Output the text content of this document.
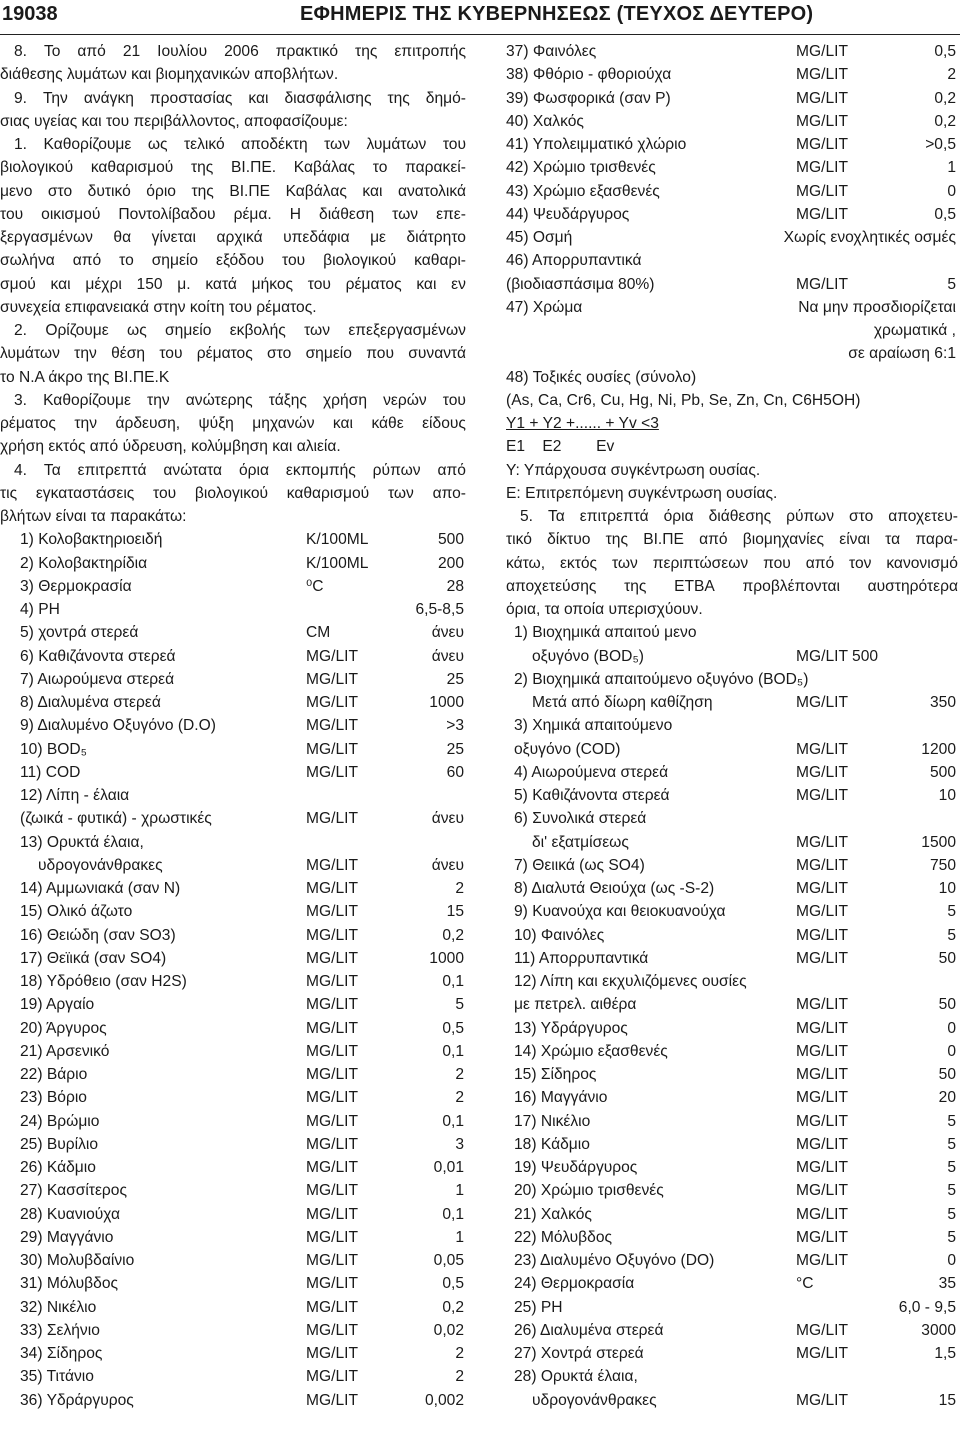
19038	ΕΦΗΜΕΡΙΣ ΤΗΣ ΚΥΒΕΡΝΗΣΕΩΣ (ΤΕΥΧΟΣ ΔΕΥΤΕΡΟ)
8. Το από 21 Ιουλίου 2006 πρακτικό της επιτροπής
διάθεσης λυμάτων και βιομηχανικών αποβλήτων.
9. Την ανάγκη προστασίας και διασφάλισης της δημό-
σιας υγείας και του περιβάλλοντος, αποφασίζουμε:
1. Καθορίζουμε ως τελικό αποδέκτη των λυμάτων του
βιολογικού καθαρισμού της ΒΙ.ΠΕ. Καβάλας το παρακεί-
μενο στο δυτικό όριο της ΒΙ.ΠΕ Καβάλας και ανατολικά
του οικισμού Ποντολίβαδου ρέμα. Η διάθεση των επε-
ξεργασμένων θα γίνεται αρχικά υπεδάφια με διάτρητο
σωλήνα από το σημείο εξόδου του βιολογικού καθαρι-
σμού και μέχρι 150 μ. κατά μήκος του ρέματος και εν
συνεχεία επιφανειακά στην κοίτη του ρέματος.
2. Ορίζουμε ως σημείο εκβολής των επεξεργασμένων
λυμάτων την θέση του ρέματος στο σημείο που συναντά
το Ν.Α άκρο της ΒΙ.ΠΕ.Κ
3. Καθορίζουμε την ανώτερης τάξης χρήση νερών του
ρέματος την άρδευση, ψύξη μηχανών και κάθε είδους
χρήση εκτός από ύδρευση, κολύμβηση και αλιεία.
4. Τα επιτρεπτά ανώτατα όρια εκπομπής ρύπων από
τις εγκαταστάσεις του βιολογικού καθαρισμού των απο-
βλήτων είναι τα παρακάτω:
1) Κολοβακτηριοειδή	K/100ML	500
2) Κολοβακτηρίδια	K/100ML	200
3) Θερμοκρασία	⁰C	28
4) PH	6,5-8,5
5) χοντρά στερεά	CM	άνευ
6) Καθιζάνοντα στερεά	MG/LIT	άνευ
7) Αιωρούμενα στερεά	MG/LIT	25
8) Διαλυμένα στερεά	MG/LIT	1000
9) Διαλυμένο Οξυγόνο (D.O)	MG/LIT	>3
10) BOD₅	MG/LIT	25
11) COD	MG/LIT	60
12) Λίπη - έλαια
(ζωικά - φυτικά) - χρωστικές	MG/LIT	άνευ
13) Ορυκτά έλαια,
υδρογονάνθρακες	MG/LIT	άνευ
14) Αμμωνιακά (σαν Ν)	MG/LIT	2
15) Ολικό άζωτο	MG/LIT	15
16) Θειώδη (σαν SO3)	MG/LIT	0,2
17) Θεϊικά (σαν SO4)	MG/LIT	1000
18) Υδρόθειο (σαν H2S)	MG/LIT	0,1
19) Αργαίο	MG/LIT	5
20) Άργυρος	MG/LIT	0,5
21) Αρσενικό	MG/LIT	0,1
22) Βάριο	MG/LIT	2
23) Βόριο	MG/LIT	2
24) Βρώμιο	MG/LIT	0,1
25) Βυρίλιο	MG/LIT	3
26) Κάδμιο	MG/LIT	0,01
27) Κασσίτερος	MG/LIT	1
28) Κυανιούχα	MG/LIT	0,1
29) Μαγγάνιο	MG/LIT	1
30) Μολυβδαίνιο	MG/LIT	0,05
31) Μόλυβδος	MG/LIT	0,5
32) Νικέλιο	MG/LIT	0,2
33) Σελήνιο	MG/LIT	0,02
34) Σίδηρος	MG/LIT	2
35) Τιτάνιο	MG/LIT	2
36) Υδράργυρος	MG/LIT	0,002
37) Φαινόλες	MG/LIT	0,5
38) Φθόριο - φθοριούχα	MG/LIT	2
39) Φωσφορικά (σαν P)	MG/LIT	0,2
40) Χαλκός	MG/LIT	0,2
41) Υπολειμματικό χλώριο	MG/LIT	>0,5
42) Χρώμιο τρισθενές	MG/LIT	1
43) Χρώμιο εξασθενές	MG/LIT	0
44) Ψευδάργυρος	MG/LIT	0,5
45) Οσμή	Χωρίς ενοχλητικές οσμές
46) Απορρυπαντικά
(βιοδιασπάσιμα 80%)	MG/LIT	5
47) Χρώμα	Να μην προσδιορίζεται
χρωματικά ,
σε αραίωση 6:1
48) Τοξικές ουσίες (σύνολο)
(As, Ca, Cr6, Cu, Hg, Ni, Pb, Se, Zn, Cn, C6H5OH)
Υ1 + Υ2 +...... + Υv <3
Ε1    Ε2        Εv
Υ: Υπάρχουσα συγκέντρωση ουσίας.
Ε: Επιτρεπόμενη συγκέντρωση ουσίας.
5. Τα επιτρεπτά όρια διάθεσης ρύπων στο αποχετευ-
τικό δίκτυο της ΒΙ.ΠΕ από βιομηχανίες είναι τα παρα-
κάτω, εκτός των περιπτώσεων που από τον κανονισμό
αποχετεύσης της ΕΤΒΑ προβλέπονται αυστηρότερα
όρια, τα οποία υπερισχύουν.
1) Βιοχημικά απαιτού μενο
οξυγόνο (BOD₅)	MG/LIT 500
2) Βιοχημικά απαιτούμενο οξυγόνο (BOD₅)
Μετά από δίωρη καθίζηση	MG/LIT	350
3) Χημικά απαιτούμενο
οξυγόνο (COD)	MG/LIT	1200
4) Αιωρούμενα στερεά	MG/LIT	500
5) Καθιζάνοντα στερεά	MG/LIT	10
6) Συνολικά στερεά
δι' εξατμίσεως	MG/LIT	1500
7) Θειικά (ως SO4)	MG/LIT	750
8) Διαλυτά Θειούχα (ως -S-2)	MG/LIT	10
9) Κυανούχα και θειοκυανούχα	MG/LIT	5
10) Φαινόλες	MG/LIT	5
11) Απορρυπαντικά	MG/LIT	50
12) Λίπη και εκχυλιζόμενες ουσίες
με πετρελ. αιθέρα	MG/LIT	50
13) Υδράργυρος	MG/LIT	0
14) Χρώμιο εξασθενές	MG/LIT	0
15) Σίδηρος	MG/LIT	50
16) Μαγγάνιο	MG/LIT	20
17) Νικέλιο	MG/LIT	5
18) Κάδμιο	MG/LIT	5
19) Ψευδάργυρος	MG/LIT	5
20) Χρώμιο τρισθενές	MG/LIT	5
21) Χαλκός	MG/LIT	5
22) Μόλυβδος	MG/LIT	5
23) Διαλυμένο Οξυγόνο (DO)	MG/LIT	0
24) Θερμοκρασία	°C	35
25) PH	6,0 - 9,5
26) Διαλυμένα στερεά	MG/LIT	3000
27) Χοντρά στερεά	MG/LIT	1,5
28) Ορυκτά έλαια,
υδρογονάνθρακες	MG/LIT	15
